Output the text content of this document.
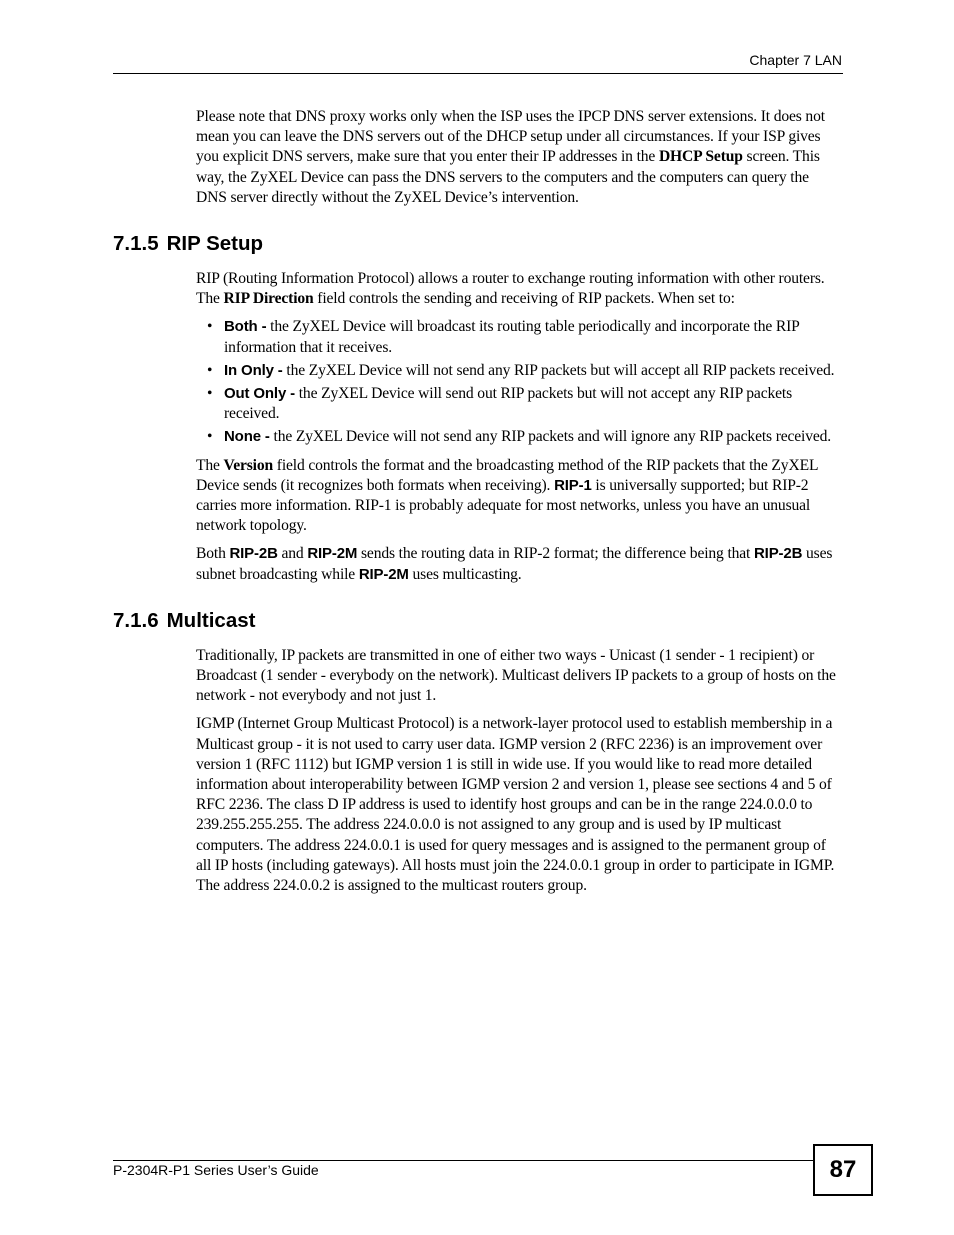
Chapter 7 LAN

Please note that DNS proxy works only when the ISP uses the IPCP DNS server extensions. It does not mean you can leave the DNS servers out of the DHCP setup under all circumstances. If your ISP gives you explicit DNS servers, make sure that you enter their IP addresses in the DHCP Setup screen. This way, the ZyXEL Device can pass the DNS servers to the computers and the computers can query the DNS server directly without the ZyXEL Device’s intervention.

7.1.5 RIP Setup

RIP (Routing Information Protocol) allows a router to exchange routing information with other routers. The RIP Direction field controls the sending and receiving of RIP packets. When set to:

• Both - the ZyXEL Device will broadcast its routing table periodically and incorporate the RIP information that it receives.
• In Only - the ZyXEL Device will not send any RIP packets but will accept all RIP packets received.
• Out Only - the ZyXEL Device will send out RIP packets but will not accept any RIP packets received.
• None - the ZyXEL Device will not send any RIP packets and will ignore any RIP packets received.

The Version field controls the format and the broadcasting method of the RIP packets that the ZyXEL Device sends (it recognizes both formats when receiving). RIP-1 is universally supported; but RIP-2 carries more information. RIP-1 is probably adequate for most networks, unless you have an unusual network topology.

Both RIP-2B and RIP-2M sends the routing data in RIP-2 format; the difference being that RIP-2B uses subnet broadcasting while RIP-2M uses multicasting.

7.1.6 Multicast

Traditionally, IP packets are transmitted in one of either two ways - Unicast (1 sender - 1 recipient) or Broadcast (1 sender - everybody on the network). Multicast delivers IP packets to a group of hosts on the network - not everybody and not just 1.

IGMP (Internet Group Multicast Protocol) is a network-layer protocol used to establish membership in a Multicast group - it is not used to carry user data. IGMP version 2 (RFC 2236) is an improvement over version 1 (RFC 1112) but IGMP version 1 is still in wide use. If you would like to read more detailed information about interoperability between IGMP version 2 and version 1, please see sections 4 and 5 of RFC 2236. The class D IP address is used to identify host groups and can be in the range 224.0.0.0 to 239.255.255.255. The address 224.0.0.0 is not assigned to any group and is used by IP multicast computers. The address 224.0.0.1 is used for query messages and is assigned to the permanent group of all IP hosts (including gateways). All hosts must join the 224.0.0.1 group in order to participate in IGMP. The address 224.0.0.2 is assigned to the multicast routers group.

P-2304R-P1 Series User’s Guide	87
